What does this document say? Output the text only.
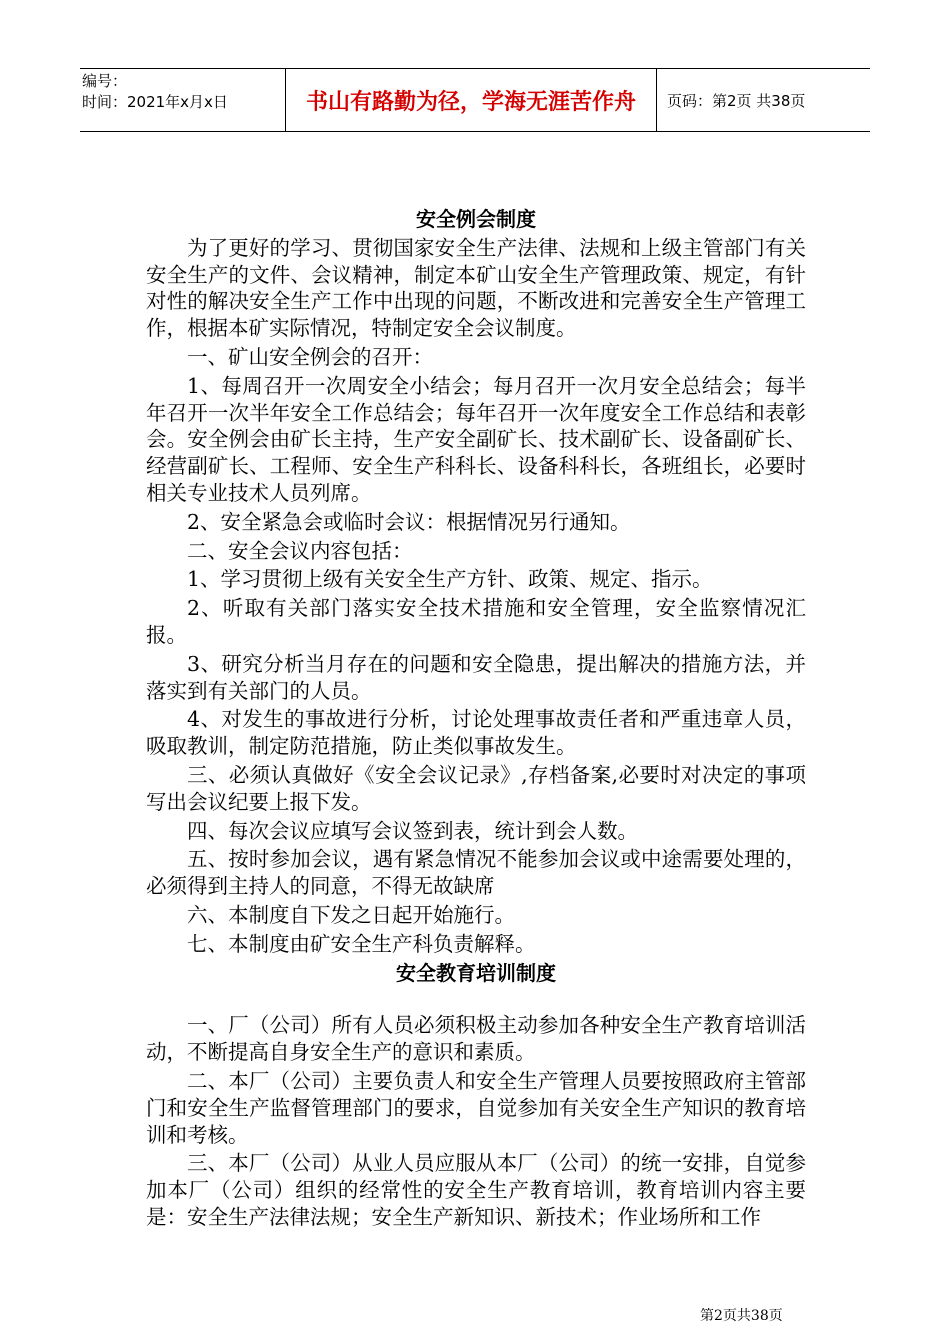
编号：
时间：2021年x月x日	书山有路勤为径，学海无涯苦作舟	页码：第2页 共38页
安全例会制度

为了更好的学习、贯彻国家安全生产法律、法规和上级主管部门有关安全生产的文件、会议精神，制定本矿山安全生产管理政策、规定，有针对性的解决安全生产工作中出现的问题，不断改进和完善安全生产管理工作，根据本矿实际情况，特制定安全会议制度。

一、矿山安全例会的召开：

1、每周召开一次周安全小结会；每月召开一次月安全总结会；每半年召开一次半年安全工作总结会；每年召开一次年度安全工作总结和表彰会。安全例会由矿长主持，生产安全副矿长、技术副矿长、设备副矿长、经营副矿长、工程师、安全生产科科长、设备科科长，各班组长，必要时相关专业技术人员列席。

2、安全紧急会或临时会议：根据情况另行通知。

二、安全会议内容包括：

1、学习贯彻上级有关安全生产方针、政策、规定、指示。

2、听取有关部门落实安全技术措施和安全管理，安全监察情况汇报。

3、研究分析当月存在的问题和安全隐患，提出解决的措施方法，并落实到有关部门的人员。

4、对发生的事故进行分析，讨论处理事故责任者和严重违章人员，吸取教训，制定防范措施，防止类似事故发生。

三、必须认真做好《安全会议记录》,存档备案,必要时对决定的事项写出会议纪要上报下发。

四、每次会议应填写会议签到表，统计到会人数。

五、按时参加会议，遇有紧急情况不能参加会议或中途需要处理的，必须得到主持人的同意，不得无故缺席

六、本制度自下发之日起开始施行。

七、本制度由矿安全生产科负责解释。

安全教育培训制度

一、厂（公司）所有人员必须积极主动参加各种安全生产教育培训活动，不断提高自身安全生产的意识和素质。

二、本厂（公司）主要负责人和安全生产管理人员要按照政府主管部门和安全生产监督管理部门的要求，自觉参加有关安全生产知识的教育培训和考核。

三、本厂（公司）从业人员应服从本厂（公司）的统一安排，自觉参加本厂（公司）组织的经常性的安全生产教育培训，教育培训内容主要是：安全生产法律法规；安全生产新知识、新技术；作业场所和工作

第2页共38页
